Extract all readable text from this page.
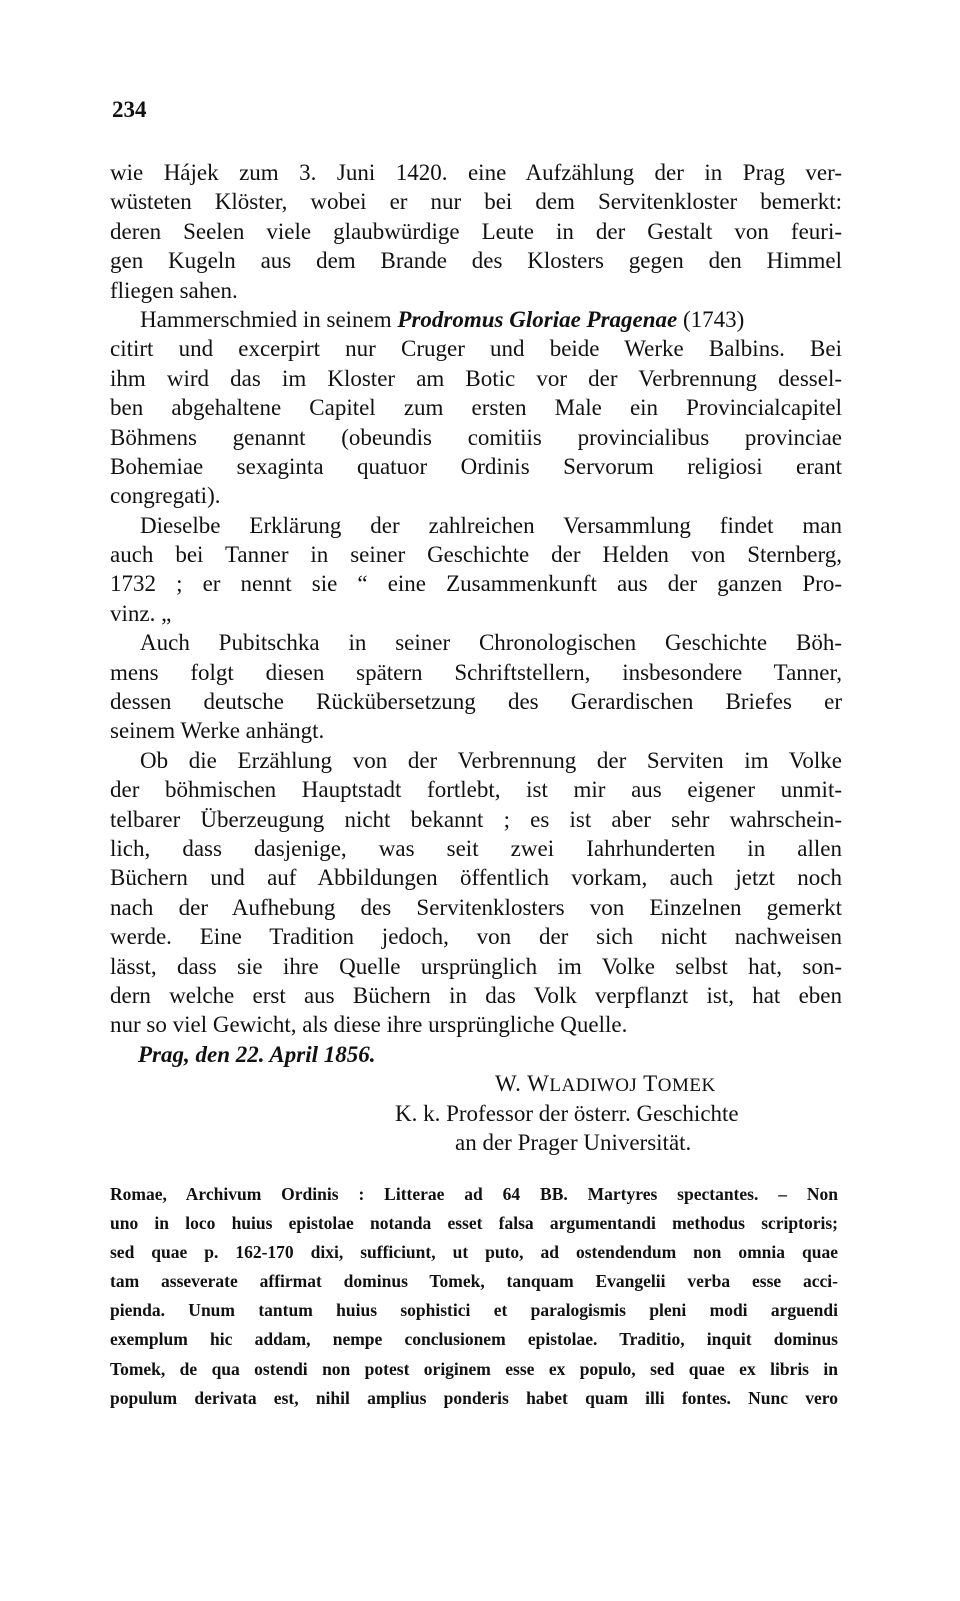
234
wie Hájek zum 3. Juni 1420. eine Aufzählung der in Prag ver-
wüsteten Klöster, wobei er nur bei dem Servitenkloster bemerkt:
deren Seelen viele glaubwürdige Leute in der Gestalt von feuri-
gen Kugeln aus dem Brande des Klosters gegen den Himmel
fliegen sahen.
Hammerschmied in seinem Prodromus Gloriae Pragenae (1743)
citirt und excerpirt nur Cruger und beide Werke Balbins. Bei
ihm wird das im Kloster am Botic vor der Verbrennung dessel-
ben abgehaltene Capitel zum ersten Male ein Provincialcapitel
Böhmens genannt (obeundis comitiis provincialibus provinciae
Bohemiae sexaginta quatuor Ordinis Servorum religiosi erant
congregati).
Dieselbe Erklärung der zahlreichen Versammlung findet man
auch bei Tanner in seiner Geschichte der Helden von Sternberg,
1732 ; er nennt sie “ eine Zusammenkunft aus der ganzen Pro-
vinz. „
Auch Pubitschka in seiner Chronologischen Geschichte Böh-
mens folgt diesen spätern Schriftstellern, insbesondere Tanner,
dessen deutsche Rückübersetzung des Gerardischen Briefes er
seinem Werke anhängt.
Ob die Erzählung von der Verbrennung der Serviten im Volke
der böhmischen Hauptstadt fortlebt, ist mir aus eigener unmit-
telbarer Überzeugung nicht bekannt ; es ist aber sehr wahrschein-
lich, dass dasjenige, was seit zwei Iahrhunderten in allen
Büchern und auf Abbildungen öffentlich vorkam, auch jetzt noch
nach der Aufhebung des Servitenklosters von Einzelnen gemerkt
werde. Eine Tradition jedoch, von der sich nicht nachweisen
lässt, dass sie ihre Quelle ursprünglich im Volke selbst hat, son-
dern welche erst aus Büchern in das Volk verpflanzt ist, hat eben
nur so viel Gewicht, als diese ihre ursprüngliche Quelle.
Prag, den 22. April 1856.
W. WLADIWOJ TOMEK
K. k. Professor der österr. Geschichte
an der Prager Universität.
Romae, Archivum Ordinis : Litterae ad 64 BB. Martyres spectantes. – Non
uno in loco huius epistolae notanda esset falsa argumentandi methodus scriptoris;
sed quae p. 162-170 dixi, sufficiunt, ut puto, ad ostendendum non omnia quae
tam asseverate affirmat dominus Tomek, tanquam Evangelii verba esse acci-
pienda. Unum tantum huius sophistici et paralogismis pleni modi arguendi
exemplum hic addam, nempe conclusionem epistolae. Traditio, inquit dominus
Tomek, de qua ostendi non potest originem esse ex populo, sed quae ex libris in
populum derivata est, nihil amplius ponderis habet quam illi fontes. Nunc vero
